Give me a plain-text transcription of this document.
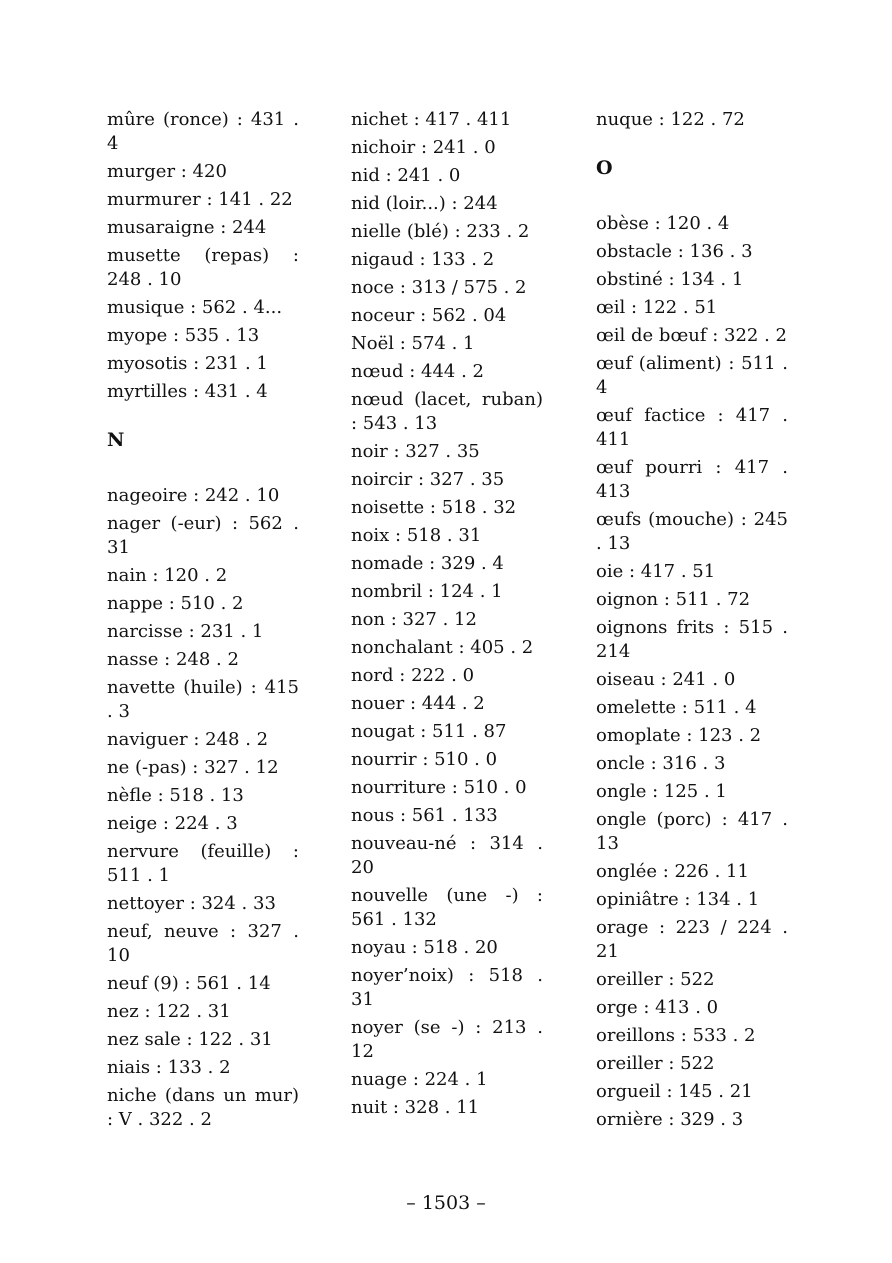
mûre (ronce) : 431 . 4
murger : 420
murmurer : 141 . 22
musaraigne : 244
musette (repas) : 248 . 10
musique : 562 . 4...
myope : 535 . 13
myosotis : 231 . 1
myrtilles : 431 . 4
N
nageoire : 242 . 10
nager (-eur) : 562 . 31
nain : 120 . 2
nappe : 510 . 2
narcisse : 231 . 1
nasse : 248 . 2
navette (huile) : 415 . 3
naviguer : 248 . 2
ne (-pas) : 327 . 12
nèfle : 518 . 13
neige : 224 . 3
nervure (feuille) : 511 . 1
nettoyer : 324 . 33
neuf, neuve : 327 . 10
neuf (9) : 561 . 14
nez : 122 . 31
nez sale : 122 . 31
niais : 133 . 2
niche (dans un mur) : V . 322 . 2
nichet : 417 . 411
nichoir : 241 . 0
nid : 241 . 0
nid (loir...) : 244
nielle (blé) : 233 . 2
nigaud : 133 . 2
noce : 313 / 575 . 2
noceur : 562 . 04
Noël : 574 . 1
nœud : 444 . 2
nœud (lacet, ruban) : 543 . 13
noir : 327 . 35
noircir : 327 . 35
noisette : 518 . 32
noix : 518 . 31
nomade : 329 . 4
nombril : 124 . 1
non : 327 . 12
nonchalant : 405 . 2
nord : 222 . 0
nouer : 444 . 2
nougat : 511 . 87
nourrir : 510 . 0
nourriture : 510 . 0
nous : 561 . 133
nouveau-né : 314 . 20
nouvelle (une -) : 561 . 132
noyau : 518 . 20
noyer’noix) : 518 . 31
noyer (se -) : 213 . 12
nuage : 224 . 1
nuit : 328 . 11
nuque : 122 . 72
O
obèse : 120 . 4
obstacle : 136 . 3
obstiné : 134 . 1
œil : 122 . 51
œil de bœuf : 322 . 2
œuf (aliment) : 511 . 4
œuf factice : 417 . 411
œuf pourri : 417 . 413
œufs (mouche) : 245 . 13
oie : 417 . 51
oignon : 511 . 72
oignons frits : 515 . 214
oiseau : 241 . 0
omelette : 511 . 4
omoplate : 123 . 2
oncle : 316 . 3
ongle : 125 . 1
ongle (porc) : 417 . 13
onglée : 226 . 11
opiniâtre : 134 . 1
orage : 223 / 224 . 21
oreiller : 522
orge : 413 . 0
oreillons : 533 . 2
oreiller : 522
orgueil : 145 . 21
ornière : 329 . 3
– 1503 –
